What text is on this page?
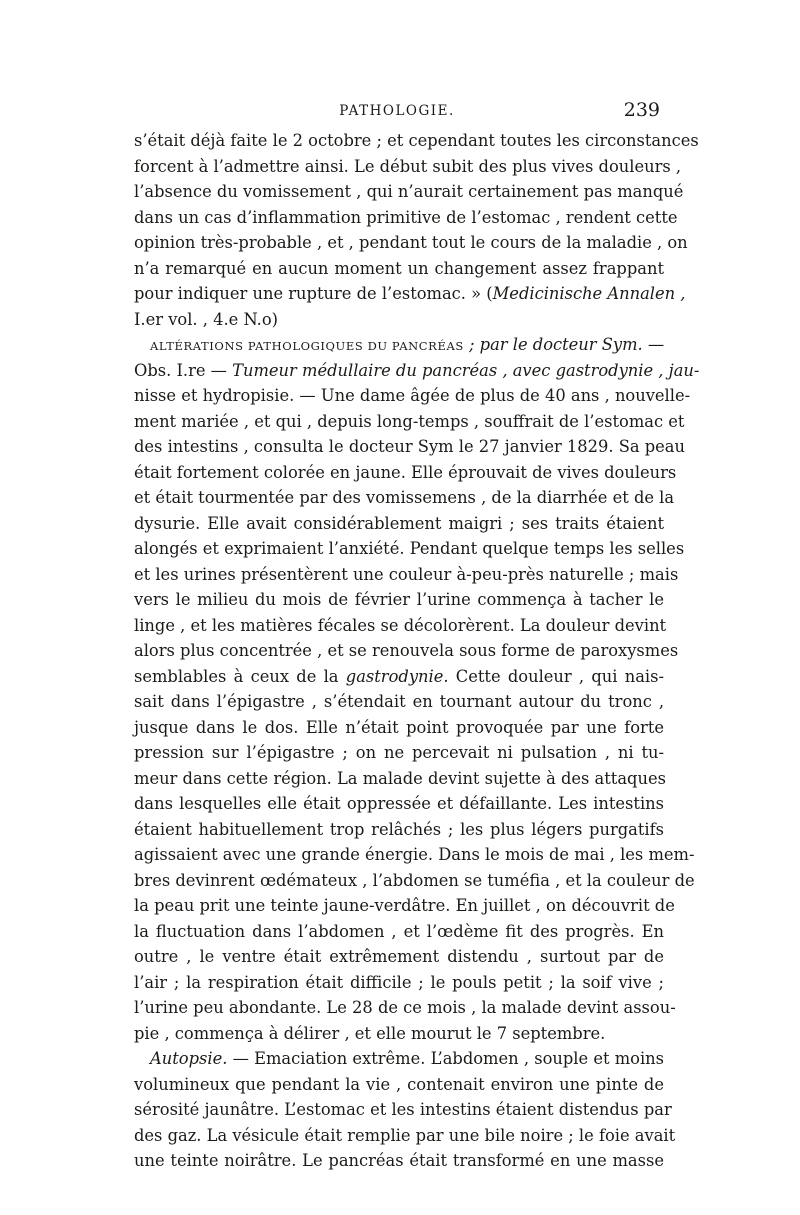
PATHOLOGIE.	239
s’était déjà faite le 2 octobre ; et cependant toutes les circonstances
forcent à l’admettre ainsi. Le début subit des plus vives douleurs ,
l’absence du vomissement , qui n’aurait certainement pas manqué
dans un cas d’inflammation primitive de l’estomac , rendent cette
opinion très-probable , et , pendant tout le cours de la maladie , on
n’a remarqué en aucun moment un changement assez frappant
pour indiquer une rupture de l’estomac. » (Medicinische Annalen ,
I.er vol. , 4.e N.o)
ALTÉRATIONS PATHOLOGIQUES DU PANCRÉAS ; par le docteur Sym. —
Obs. I.re — Tumeur médullaire du pancréas , avec gastrodynie , jau-
nisse et hydropisie. — Une dame âgée de plus de 40 ans , nouvelle-
ment mariée , et qui , depuis long-temps , souffrait de l’estomac et
des intestins , consulta le docteur Sym le 27 janvier 1829. Sa peau
était fortement colorée en jaune. Elle éprouvait de vives douleurs
et était tourmentée par des vomissemens , de la diarrhée et de la
dysurie. Elle avait considérablement maigri ; ses traits étaient
alongés et exprimaient l’anxiété. Pendant quelque temps les selles
et les urines présentèrent une couleur à-peu-près naturelle ; mais
vers le milieu du mois de février l’urine commença à tacher le
linge , et les matières fécales se décolorèrent. La douleur devint
alors plus concentrée , et se renouvela sous forme de paroxysmes
semblables à ceux de la gastrodynie. Cette douleur , qui nais-
sait dans l’épigastre , s’étendait en tournant autour du tronc ,
jusque dans le dos. Elle n’était point provoquée par une forte
pression sur l’épigastre ; on ne percevait ni pulsation , ni tu-
meur dans cette région. La malade devint sujette à des attaques
dans lesquelles elle était oppressée et défaillante. Les intestins
étaient habituellement trop relâchés ; les plus légers purgatifs
agissaient avec une grande énergie. Dans le mois de mai , les mem-
bres devinrent œdémateux , l’abdomen se tuméfia , et la couleur de
la peau prit une teinte jaune-verdâtre. En juillet , on découvrit de
la fluctuation dans l’abdomen , et l’œdème fit des progrès. En
outre , le ventre était extrêmement distendu , surtout par de
l’air ; la respiration était difficile ; le pouls petit ; la soif vive ;
l’urine peu abondante. Le 28 de ce mois , la malade devint assou-
pie , commença à délirer , et elle mourut le 7 septembre.
Autopsie. — Emaciation extrême. L’abdomen , souple et moins
volumineux que pendant la vie , contenait environ une pinte de
sérosité jaunâtre. L’estomac et les intestins étaient distendus par
des gaz. La vésicule était remplie par une bile noire ; le foie avait
une teinte noirâtre. Le pancréas était transformé en une masse
